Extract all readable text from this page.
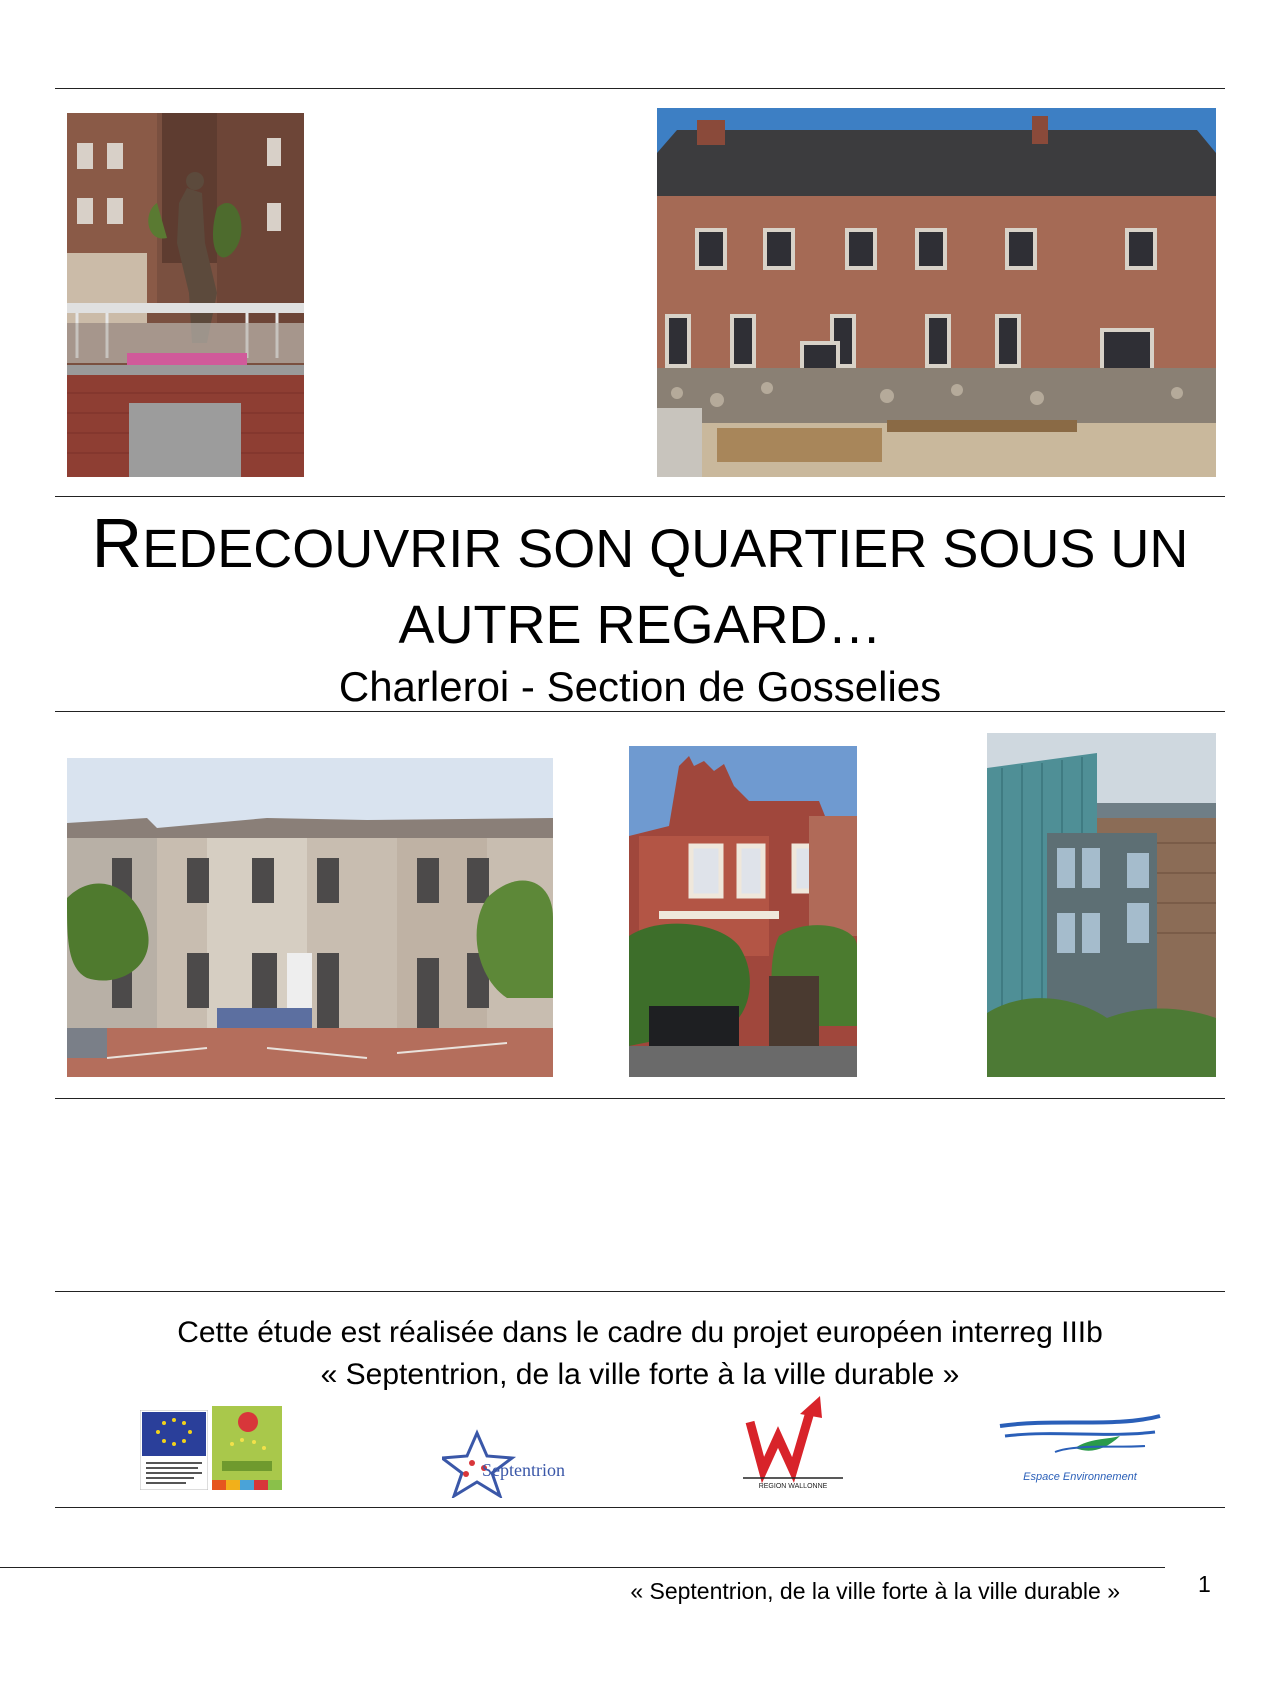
REDECOUVRIR SON QUARTIER SOUS UN
AUTRE REGARD…
Charleroi - Section de Gosselies
Cette étude est réalisée dans le cadre du projet européen interreg IIIb
« Septentrion, de la ville forte à la ville durable »
Septentrion
REGION WALLONNE
Espace Environnement
« Septentrion, de la ville forte à la ville durable »	1
